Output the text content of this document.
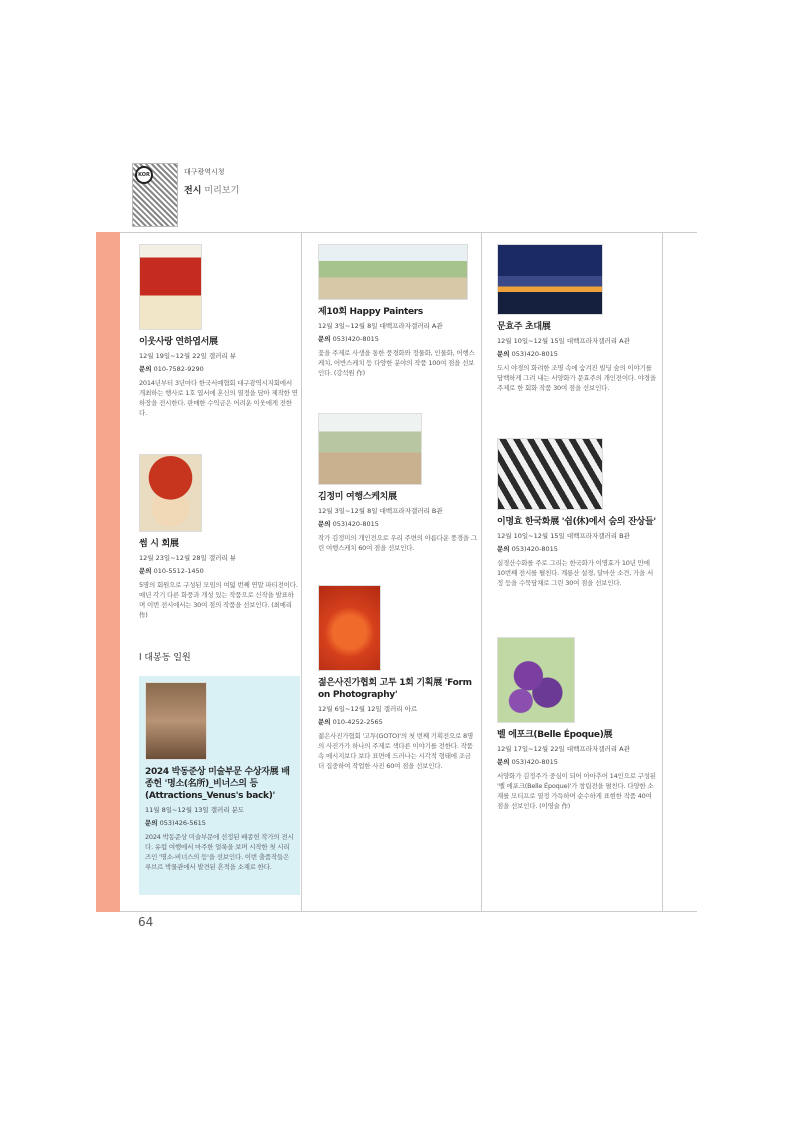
KOR	대구광역시청
전시 미리보기
이웃사랑 연하엽서展
12월 19일~12월 22일 갤러리 뷰
문의 010-7582-9290
2014년부터 3년마다 한국서예협회 대구광역시지회에서 개최하는 행사로 1호 엽서에 혼신의 열정을 담아 제작한 연하장을 전시한다. 판매한 수익금은 어려운 이웃에게 전한다.
썸 시 회展
12월 23일~12월 28일 갤러리 뷰
문의 010-5512-1450
5명의 회원으로 구성된 모임의 여덟 번째 연말 파티전이다. 매년 각기 다른 화풍과 개성 있는 작품으로 신작을 발표하며 이번 전시에서는 30여 점의 작품을 선보인다. (최예리 作)
l 대봉동 일원
2024 박동준상 미술부문 수상자展 배종헌 '명소(名所)_비너스의 등 (Attractions_Venus's back)'
11월 8일~12월 13일 갤러리 분도
문의 053)426-5615
2024 박동준상 미술부문에 선정된 배종헌 작가의 전시다. 유럽 여행에서 마주한 얼룩을 보며 시작한 첫 시리즈인 '명소-비너스의 등'을 선보인다. 이번 출품작들은 루브르 박물관에서 발견된 흔적을 소재로 한다.
제10회 Happy Painters
12월 3일~12월 8일 대백프라자갤러리 A관
문의 053)420-8015
꽃을 주제로 사생을 통한 풍경화와 정물화, 인물화, 어행스케치, 어반스케치 등 다양한 분야의 작품 100여 점을 선보인다. (강석원 作)
김정미 여행스케치展
12월 3일~12월 8일 대백프라자갤러리 B관
문의 053)420-8015
작가 김정미의 개인전으로 우리 주변의 아름다운 풍경을 그린 여행스케치 60여 점을 선보인다.
젊은사진가협회 고투 1회 기획展 'Form on Photography'
12월 6일~12월 12일 갤러리 아르
문의 010-4252-2565
젊은사진가협회 '고투(GOTO)'의 첫 번째 기획전으로 8명의 사진가가 하나의 주제로 색다른 이야기를 전한다. 작품 속 메시지보다 보다 표면에 드러나는 시각적 형태에 조금 더 집중하여 작업한 사진 60여 점을 선보인다.
문효주 초대展
12월 10일~12월 15일 대백프라자갤러리 A관
문의 053)420-8015
도시 야경의 화려한 조명 속에 숨겨진 빌딩 숲의 이야기를 담백하게 그려 내는 서양화가 문효주의 개인전이다. 야경을 주제로 한 회화 작품 30여 점을 선보인다.
이명효 한국화展 '쉼(休)에서 숨의 잔상들'
12월 10일~12월 15일 대백프라자갤러리 B관
문의 053)420-8015
실경산수화를 주로 그리는 한국화가 이명효가 10년 만에 10번째 전시를 펼친다. 계룡산 설경, 달마산 소견, 가을 서정 등을 수묵담채로 그린 30여 점을 선보인다.
벨 에포크(Belle Époque)展
12월 17일~12월 22일 대백프라자갤러리 A관
문의 053)420-8015
서양화가 김정주가 중심이 되어 아마추어 14인으로 구성된 '벨 에포크(Belle Époque)'가 창립전을 펼친다. 다양한 소재를 모티프로 열정 가득하며 순수하게 표현한 작품 40여 점을 선보인다. (이영술 作)
64
